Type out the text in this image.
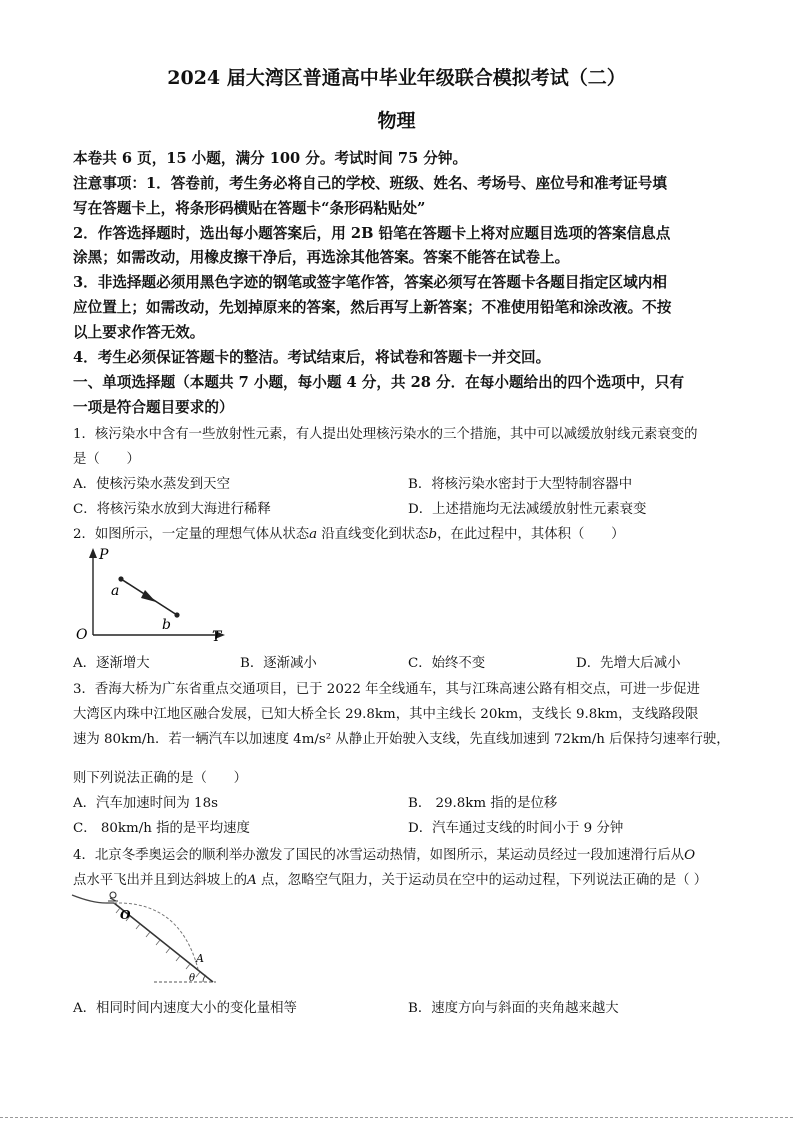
2024 届大湾区普通高中毕业年级联合模拟考试（二）
物理
本卷共 6 页，15 小题，满分 100 分。考试时间 75 分钟。
注意事项：1．答卷前，考生务必将自己的学校、班级、姓名、考场号、座位号和准考证号填
写在答题卡上，将条形码横贴在答题卡“条形码粘贴处”
2．作答选择题时，选出每小题答案后，用 2B 铅笔在答题卡上将对应题目选项的答案信息点
涂黑；如需改动，用橡皮擦干净后，再选涂其他答案。答案不能答在试卷上。
3．非选择题必须用黑色字迹的钢笔或签字笔作答，答案必须写在答题卡各题目指定区域内相
应位置上；如需改动，先划掉原来的答案，然后再写上新答案；不准使用铅笔和涂改液。不按
以上要求作答无效。
4．考生必须保证答题卡的整洁。考试结束后，将试卷和答题卡一并交回。
一、单项选择题（本题共 7 小题，每小题 4 分，共 28 分．在每小题给出的四个选项中，只有
一项是符合题目要求的）
1．核污染水中含有一些放射性元素，有人提出处理核污染水的三个措施，其中可以减缓放射线元素衰变的
是（　　）
A．使核污染水蒸发到天空	B．将核污染水密封于大型特制容器中
C．将核污染水放到大海进行稀释	D．上述措施均无法减缓放射性元素衰变
2．如图所示，一定量的理想气体从状态𝑎 沿直线变化到状态𝑏，在此过程中，其体积（　　）
P
T
O
a
b
A．逐渐增大	B．逐渐减小	C．始终不变	D．先增大后减小
3．香海大桥为广东省重点交通项目，已于 2022 年全线通车，其与江珠高速公路有相交点，可进一步促进
大湾区内珠中江地区融合发展，已知大桥全长 29.8km，其中主线长 20km，支线长 9.8km，支线路段限
速为 80km/h．若一辆汽车以加速度 4m/s² 从静止开始驶入支线，先直线加速到 72km/h 后保持匀速率行驶，
则下列说法正确的是（　　）
A．汽车加速时间为 18s	B． 29.8km 指的是位移
C． 80km/h 指的是平均速度	D．汽车通过支线的时间小于 9 分钟
4．北京冬季奥运会的顺利举办激发了国民的冰雪运动热情，如图所示，某运动员经过一段加速滑行后从𝑂
点水平飞出并且到达斜坡上的𝐴 点，忽略空气阻力，关于运动员在空中的运动过程，下列说法正确的是（ ）
O
A
θ
A．相同时间内速度大小的变化量相等	B．速度方向与斜面的夹角越来越大
